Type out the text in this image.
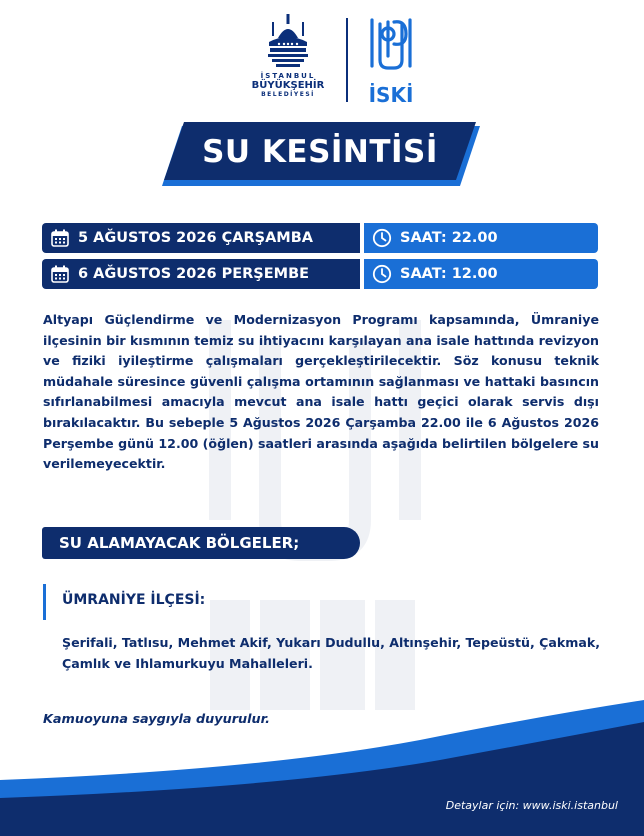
İSTANBUL
BÜYÜKŞEHİR
BELEDİYESİ	İSKİ
SU KESİNTİSİ
5 AĞUSTOS 2026 ÇARŞAMBA	SAAT: 22.00
6 AĞUSTOS 2026 PERŞEMBE	SAAT: 12.00
Altyapı Güçlendirme ve Modernizasyon Programı kapsamında, Ümraniye ilçesinin bir kısmının temiz su ihtiyacını karşılayan ana isale hattında revizyon ve fiziki iyileştirme çalışmaları gerçekleştirilecektir. Söz konusu teknik müdahale süresince güvenli çalışma ortamının sağlanması ve hattaki basıncın sıfırlanabilmesi amacıyla mevcut ana isale hattı geçici olarak servis dışı bırakılacaktır. Bu sebeple 5 Ağustos 2026 Çarşamba 22.00 ile 6 Ağustos 2026 Perşembe günü 12.00 (öğlen) saatleri arasında aşağıda belirtilen bölgelere su verilemeyecektir.
SU ALAMAYACAK BÖLGELER;
ÜMRANİYE İLÇESİ:
Şerifali, Tatlısu, Mehmet Akif, Yukarı Dudullu, Altınşehir, Tepeüstü, Çakmak, Çamlık ve Ihlamurkuyu Mahalleleri.
Kamuoyuna saygıyla duyurulur.
Detaylar için: www.iski.istanbul
